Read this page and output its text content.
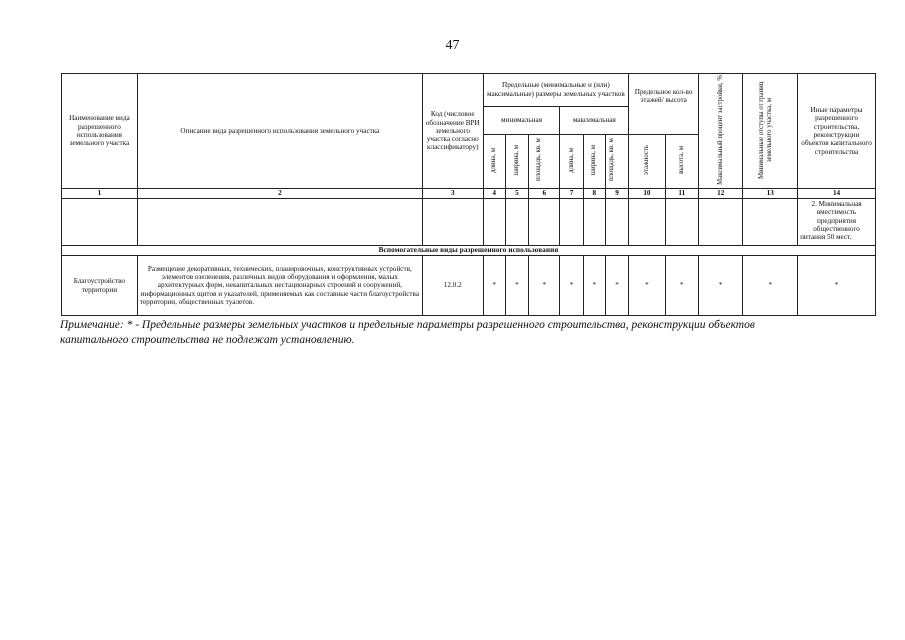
47
Наименование вида разрешенного использования земельного участка	Описание вида разрешенного использования земельного участка	Код (числовое обозначение ВРИ земельного участка согласно классификатору)	Предельные (минимальные и (или) максимальные) размеры земельных участков						Предельное кол-во этажей/ высота		Максимальный процент застройки, %	Минимальные отступы от границ земельного участка, м	Иные параметры разрешенного строительства, реконструкции объектов капитального строительства
			минимальная			максимальная							
			длина, м	ширина, м	площадь, кв. м	длина, м	ширина, м	площадь, кв. м	этажность	высота, м			
1	2	3	4	5	6	7	8	9	10	11	12	13	14
													2. Минимальная вместимость предприятия общественного питания 50 мест.
Вспомогательные виды разрешенного использования													
Благоустройство территории	Размещение декоративных, технических, планировочных, конструктивных устройств, элементов озеленения, различных видов оборудования и оформления, малых архитектурных форм, некапитальных нестационарных строений и сооружений, информационных щитов и указателей, применяемых как составные части благоустройства территории, общественных туалетов.	12.0.2	*	*	*	*	*	*	*	*	*	*	*
Примечание: * - Предельные размеры земельных участков и предельные параметры разрешенного строительства, реконструкции объектов капитального строительства не подлежат установлению.
